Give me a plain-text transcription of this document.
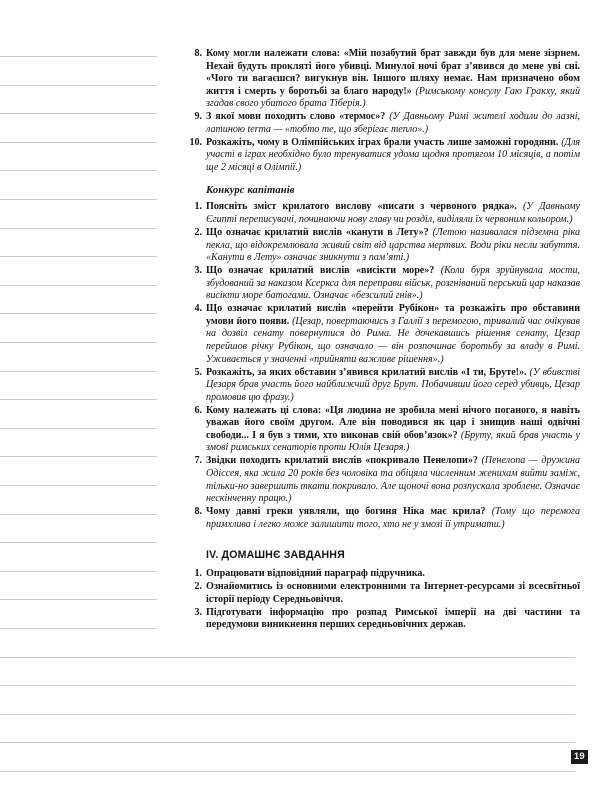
8. Кому могли належати слова: «Мій позабутий брат завжди був для мене зізрнем. Нехай будуть прокляті його убивці. Минулої ночі брат з’явився до мене уві сні. «Чого ти вагаєшся? вигукнув він. Іншого шляху немає. Нам призначено обом життя і смерть у боротьбі за благо народу!» (Римському консулу Гаю Гракху, який згадав свого убитого брата Тіберія.)
9. З якої мови походить слово «термос»? (У Давньому Римі жителі ходили до лазні, латиною terma — «тобто те, що зберігає тепло».)
10. Розкажіть, чому в Олімпійських іграх брали участь лише заможні городяни. (Для участі в іграх необхідно було тренуватися удома щодня протягом 10 місяців, а потім ще 2 місяці в Олімпії.)
Конкурс капітанів
1. Поясніть зміст крилатого вислову «писати з червоного рядка». (У Давньому Єгипті переписувачі, починаючи нову главу чи розділ, виділяли їх червоним кольором.)
2. Що означає крилатий вислів «канути в Лету»? (Летою називалася підземна ріка пекла, що відокремлювала живий світ від царства мертвих. Води ріки несли забуття. «Канути в Лету» означає зникнути з пам’яті.)
3. Що означає крилатий вислів «висікти море»? (Коли буря зруйнувала мости, збудований за наказом Ксеркса для переправи військ, розгніваний перський цар наказав висікти море батогами. Означає «безсилий гнів».)
4. Що означає крилатий вислів «перейти Рубікон» та розкажіть про обставини умови його появи. (Цезар, повертаючись з Галлії з перемогою, тривалий час очікував на дозвіл сенату повернутися до Рима. Не дочекавшись рішення сенату, Цезар перейшов річку Рубікон, що означало — він розпочинає боротьбу за владу в Римі. Уживається у значенні «прийняти важливе рішення».)
5. Розкажіть, за яких обставин з’явився крилатий вислів «І ти, Бруте!». (У вбивстві Цезаря брав участь його найближчий друг Брут. Побачивши його серед убивць, Цезар промовив цю фразу.)
6. Кому належать ці слова: «Ця людина не зробила мені нічого поганого, я навіть уважав його своїм другом. Але він поводився як цар і знищив наші одвічні свободи... І я був з тими, хто виконав свій обов’язок»? (Бруту, який брав участь у змові римських сенаторів проти Юлія Цезаря.)
7. Звідки походить крилатий вислів «покривало Пенелопи»? (Пенелопа — дружина Одіссея, яка жила 20 років без чоловіка та обіцяла численним женихам вийти заміж, тільки-но завершить ткати покривало. Але щоночі вона розпускала зроблене. Означає нескінченну працю.)
8. Чому давні греки уявляли, що богиня Ніка має крила? (Тому що перемога примхлива і легко може залишити того, хто не у змозі її утримати.)
IV. ДОМАШНЄ ЗАВДАННЯ
1. Опрацювати відповідний параграф підручника.
2. Ознайомитись із основними електронними та Інтернет-ресурсами зі всесвітньої історії періоду Середньовіччя.
3. Підготувати інформацію про розпад Римської імперії на дві частини та передумови виникнення перших середньовічних держав.
19
